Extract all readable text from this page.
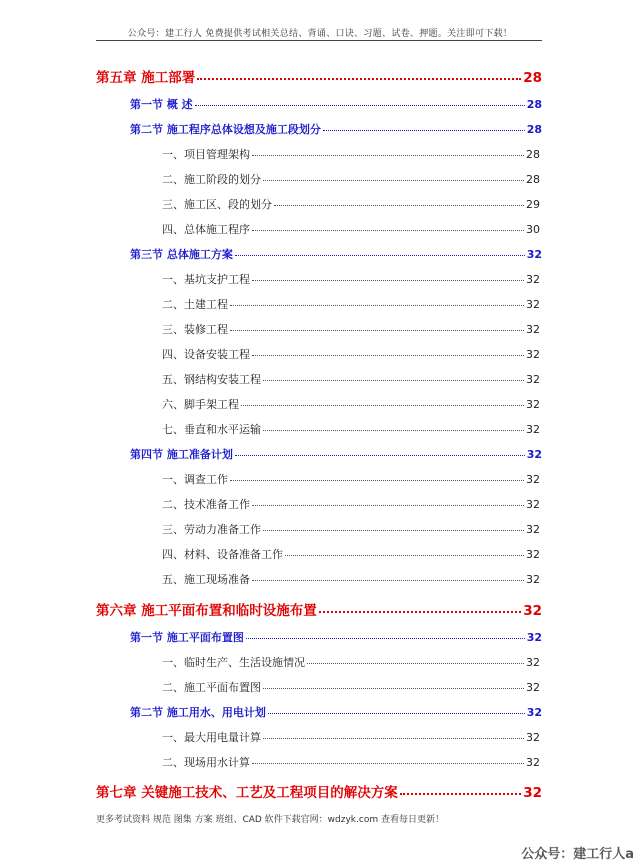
公众号：建工行人 免费提供考试相关总结、背诵、口诀、习题、试卷、押题。关注即可下载！
第五章 施工部署	28
第一节 概 述	28
第二节 施工程序总体设想及施工段划分	28
一、项目管理架构	28
二、施工阶段的划分	28
三、施工区、段的划分	29
四、总体施工程序	30
第三节 总体施工方案	32
一、基坑支护工程	32
二、土建工程	32
三、装修工程	32
四、设备安装工程	32
五、钢结构安装工程	32
六、脚手架工程	32
七、垂直和水平运输	32
第四节 施工准备计划	32
一、调查工作	32
二、技术准备工作	32
三、劳动力准备工作	32
四、材料、设备准备工作	32
五、施工现场准备	32
第六章 施工平面布置和临时设施布置	32
第一节 施工平面布置图	32
一、临时生产、生活设施情况	32
二、施工平面布置图	32
第二节 施工用水、用电计划	32
一、最大用电量计算	32
二、现场用水计算	32
第七章 关键施工技术、工艺及工程项目的解决方案	32
更多考试资料 规范 图集 方案 班组、CAD 软件下载官网：wdzyk.com 查看每日更新！
公众号：建工行人a
